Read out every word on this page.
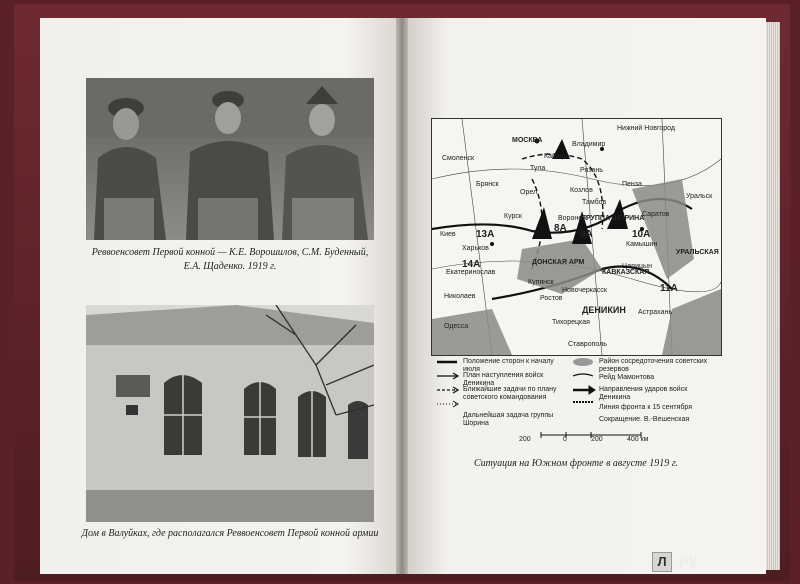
Реввоенсовет Первой конной — К.Е. Ворошилов, С.М. Буденный, Е.А. Щаденко. 1919 г.
Дом в Валуйках, где располагался Реввоенсовет Первой конной армии
Нижний Новгород
Смоленск
МОСКВА
Владимир
Кашира
Тула
Брянск
Орел
Рязань
Козлов
Тамбов
Пенза
Курск	Воронеж
Саратов
Киев
Харьков
Купянск
Камышин
Царицын
Екатеринослав
Николаев
Одесса
Ростов
Новочеркасск
Астрахань
Тихорецкая
Ставрополь
Уральск
13А
8А
9А	10А
14А
11А
ДОНСКАЯ АРМ
ГРУППА ШОРИНА
КАВКАЗСКАЯ
УРАЛЬСКАЯ
ДЕНИКИН
Положение сторон к началу июля
План наступления войск Деникина
Ближайшие задачи по плану советского командования
Дальнейшая задача группы Шорина
Район сосредоточения советских резервов
Рейд Мамонтова
Направления ударов войск Деникина
Линия фронта к 15 сентября
Сокращение. В.-Вешенская
200	0	200	400 км
Ситуация на Южном фронте в августе 1919 г.
Л .ру
